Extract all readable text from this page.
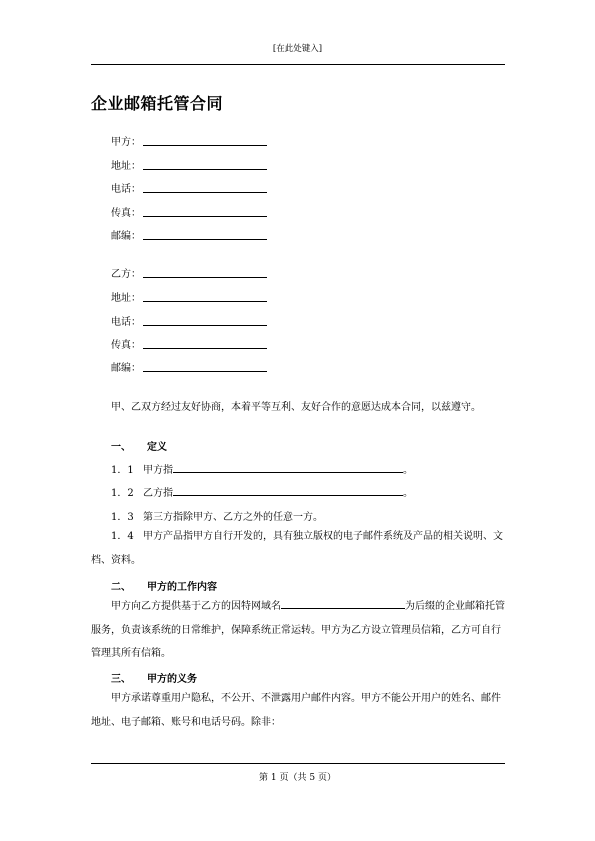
[在此处键入]
企业邮箱托管合同
甲方：
地址：
电话：
传真：
邮编：
乙方：
地址：
电话：
传真：
邮编：
甲、乙双方经过友好协商，本着平等互利、友好合作的意愿达成本合同，以兹遵守。
一、 定义
1．1 甲方指	。
1．2 乙方指	。
1．3 第三方指除甲方、乙方之外的任意一方。
1．4 甲方产品指甲方自行开发的，具有独立版权的电子邮件系统及产品的相关说明、文档、资料。
二、 甲方的工作内容
甲方向乙方提供基于乙方的因特网域名	为后缀的企业邮箱托管服务，负责该系统的日常维护，保障系统正常运转。甲方为乙方设立管理员信箱，乙方可自行管理其所有信箱。
三、 甲方的义务
甲方承诺尊重用户隐私，不公开、不泄露用户邮件内容。甲方不能公开用户的姓名、邮件地址、电子邮箱、账号和电话号码。除非：
第 1 页（共 5 页）
